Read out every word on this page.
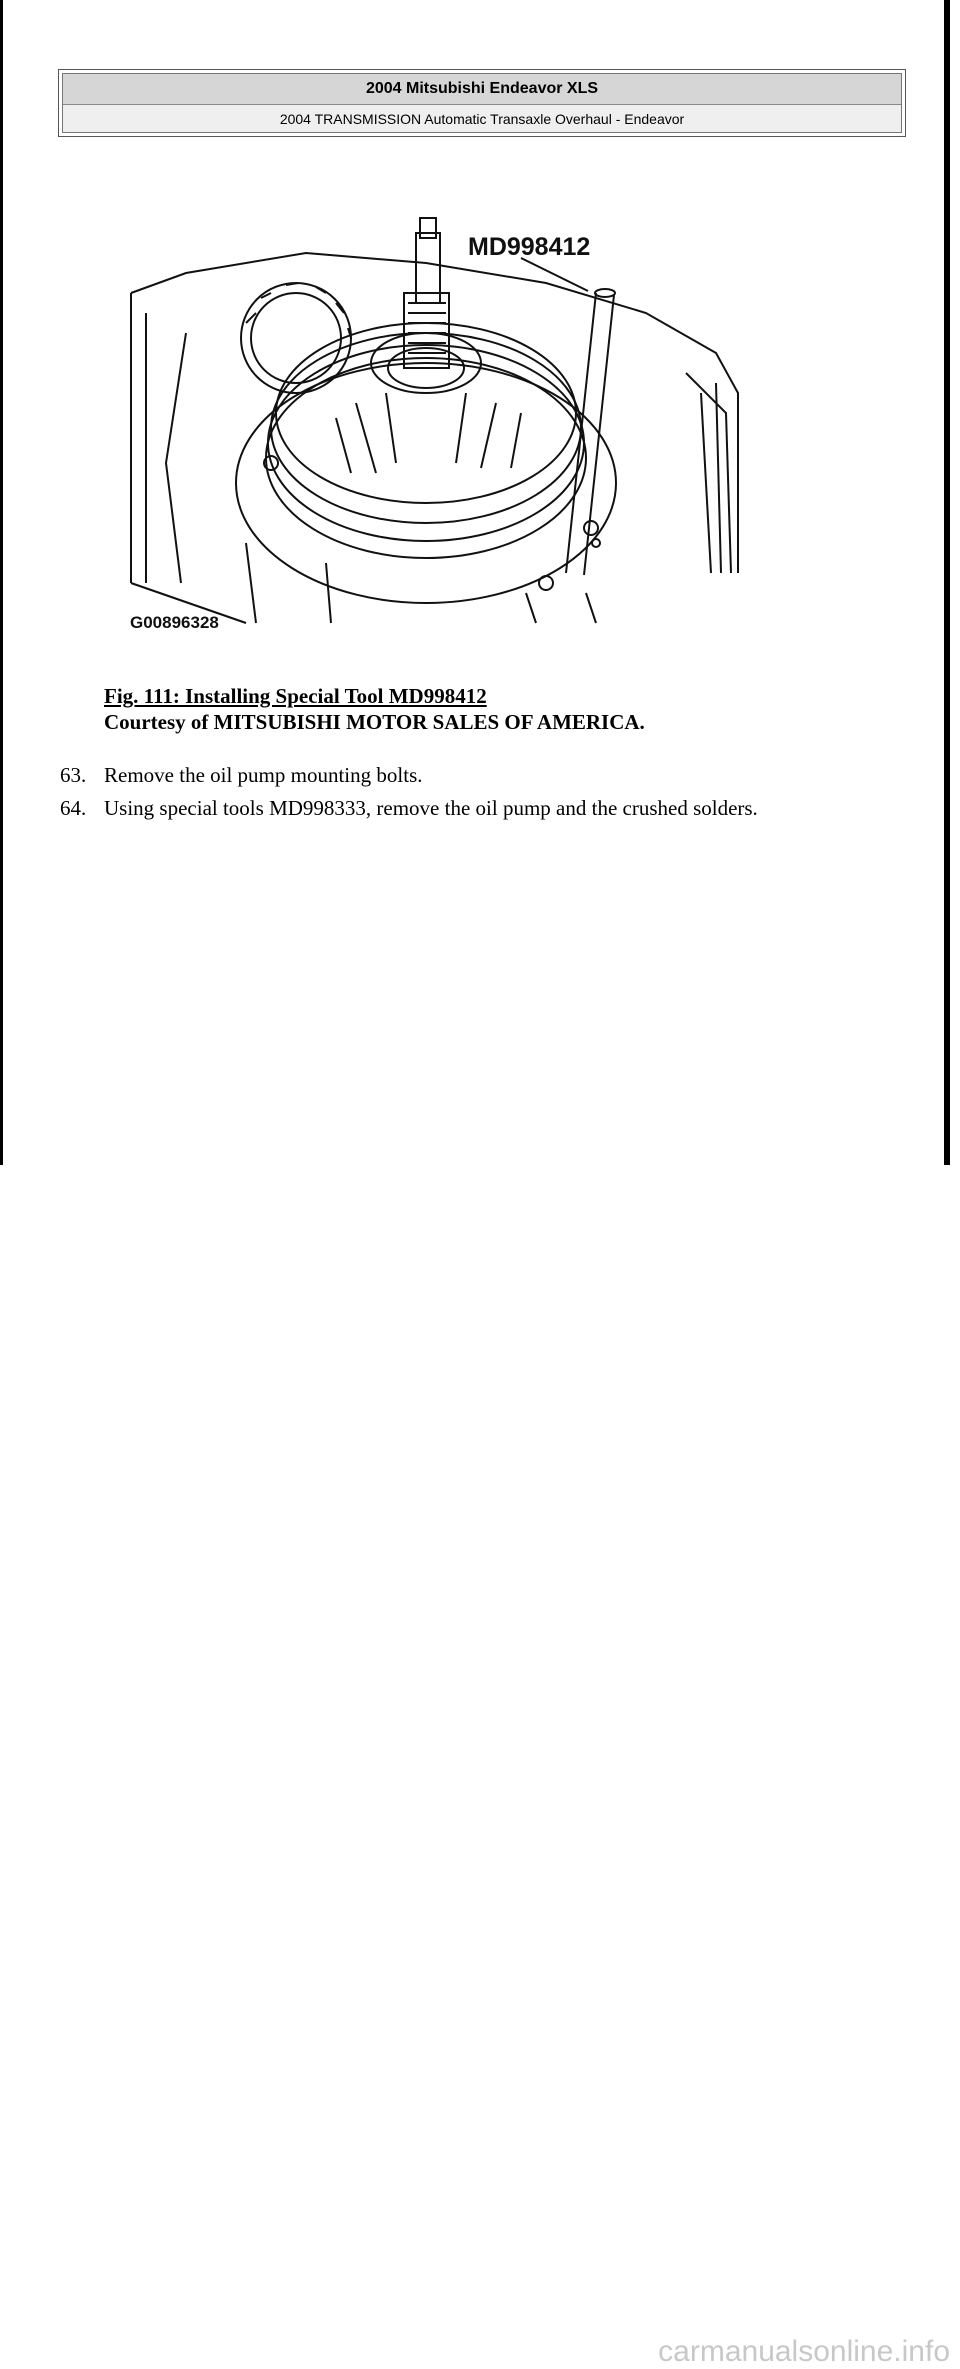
2004 Mitsubishi Endeavor XLS
2004 TRANSMISSION Automatic Transaxle Overhaul - Endeavor
MD998412
G00896328
Fig. 111: Installing Special Tool MD998412
Courtesy of MITSUBISHI MOTOR SALES OF AMERICA.
63. Remove the oil pump mounting bolts.
64. Using special tools MD998333, remove the oil pump and the crushed solders.
carmanualsonline.info
